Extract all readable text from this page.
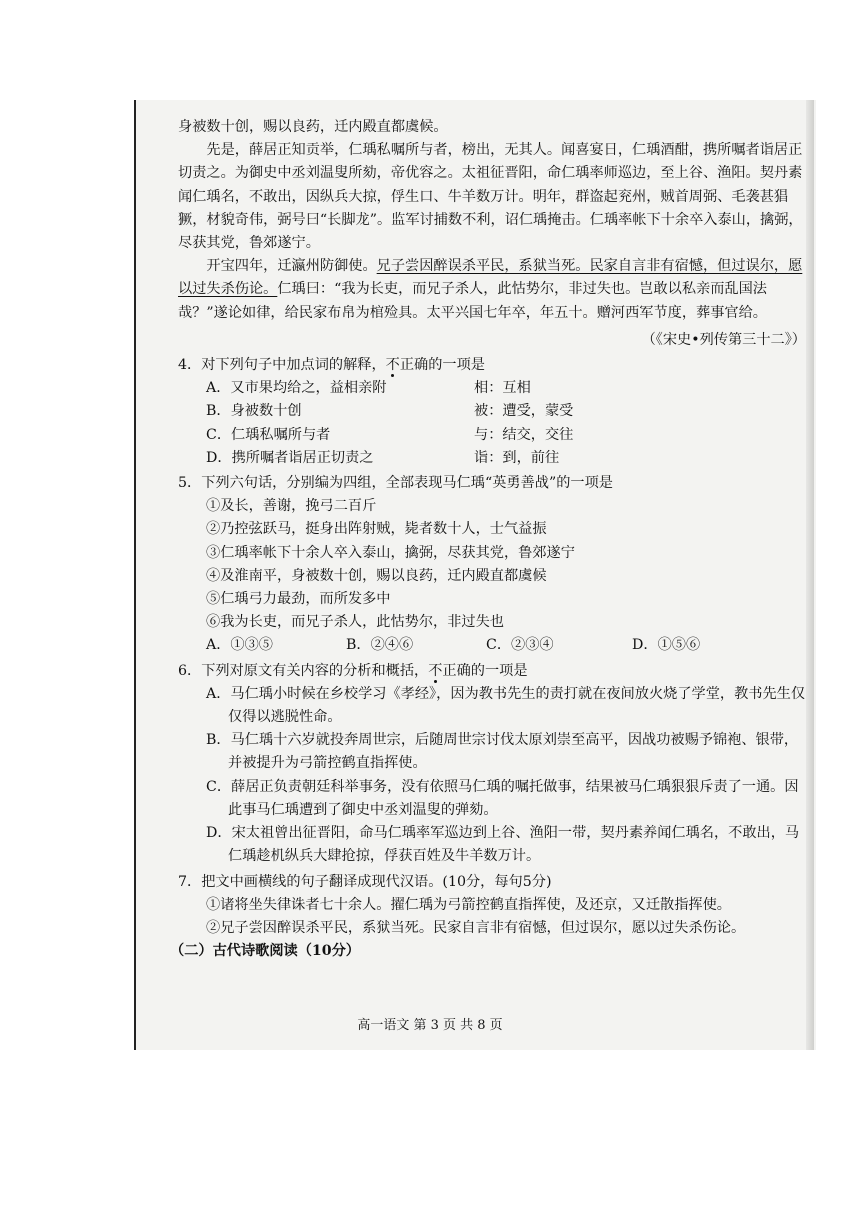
身被数十创，赐以良药，迁内殿直都虞候。

先是，薛居正知贡举，仁瑀私嘱所与者，榜出，无其人。闻喜宴日，仁瑀酒酣，携所嘱者诣居正切责之。为御史中丞刘温叟所劾，帝优容之。太祖征晋阳，命仁瑀率师巡边，至上谷、渔阳。契丹素闻仁瑀名，不敢出，因纵兵大掠，俘生口、牛羊数万计。明年，群盗起兖州，贼首周弼、毛袭甚猖獗，材貌奇伟，弼号曰“长脚龙”。监军讨捕数不利，诏仁瑀掩击。仁瑀率帐下十余卒入泰山，擒弼，尽获其党，鲁郊遂宁。

开宝四年，迁瀛州防御使。兄子尝因醉误杀平民，系狱当死。民家自言非有宿憾，但过误尔，愿以过失杀伤论。仁瑀曰：“我为长吏，而兄子杀人，此怙势尔，非过失也。岂敢以私亲而乱国法哉？”遂论如律，给民家布帛为棺殓具。太平兴国七年卒，年五十。赠河西军节度，葬事官给。

（《宋史•列传第三十二》）

4．对下列句子中加点词的解释，不正确的一项是

A．又市果均给之，益相亲附	相：互相

B．身被数十创	被：遭受，蒙受

C．仁瑀私嘱所与者	与：结交，交往

D．携所嘱者诣居正切责之	诣：到，前往

5．下列六句话，分别编为四组，全部表现马仁瑀“英勇善战”的一项是

①及长，善谢，挽弓二百斤

②乃控弦跃马，挺身出阵射贼，毙者数十人，士气益振

③仁瑀率帐下十余人卒入泰山，擒弼，尽获其党，鲁郊遂宁

④及淮南平，身被数十创，赐以良药，迁内殿直都虞候

⑤仁瑀弓力最劲，而所发多中

⑥我为长吏，而兄子杀人，此怙势尔，非过失也

A．①③⑤	B．②④⑥	C．②③④	D．①⑤⑥

6．下列对原文有关内容的分析和概括，不正确的一项是

A．马仁瑀小时候在乡校学习《孝经》，因为教书先生的责打就在夜间放火烧了学堂，教书先生仅仅得以逃脱性命。

B．马仁瑀十六岁就投奔周世宗，后随周世宗讨伐太原刘崇至高平，因战功被赐予锦袍、银带，并被提升为弓箭控鹤直指挥使。

C．薛居正负责朝廷科举事务，没有依照马仁瑀的嘱托做事，结果被马仁瑀狠狠斥责了一通。因此事马仁瑀遭到了御史中丞刘温叟的弹劾。

D．宋太祖曾出征晋阳，命马仁瑀率军巡边到上谷、渔阳一带，契丹素养闻仁瑀名，不敢出，马仁瑀趁机纵兵大肆抢掠，俘获百姓及牛羊数万计。

7．把文中画横线的句子翻译成现代汉语。(10分，每句5分)

①诸将坐失律诛者七十余人。擢仁瑀为弓箭控鹤直指挥使，及还京，又迁散指挥使。

②兄子尝因醉误杀平民，系狱当死。民家自言非有宿憾，但过误尔，愿以过失杀伤论。

（二）古代诗歌阅读（10分）

高一语文 第 3 页 共 8 页
